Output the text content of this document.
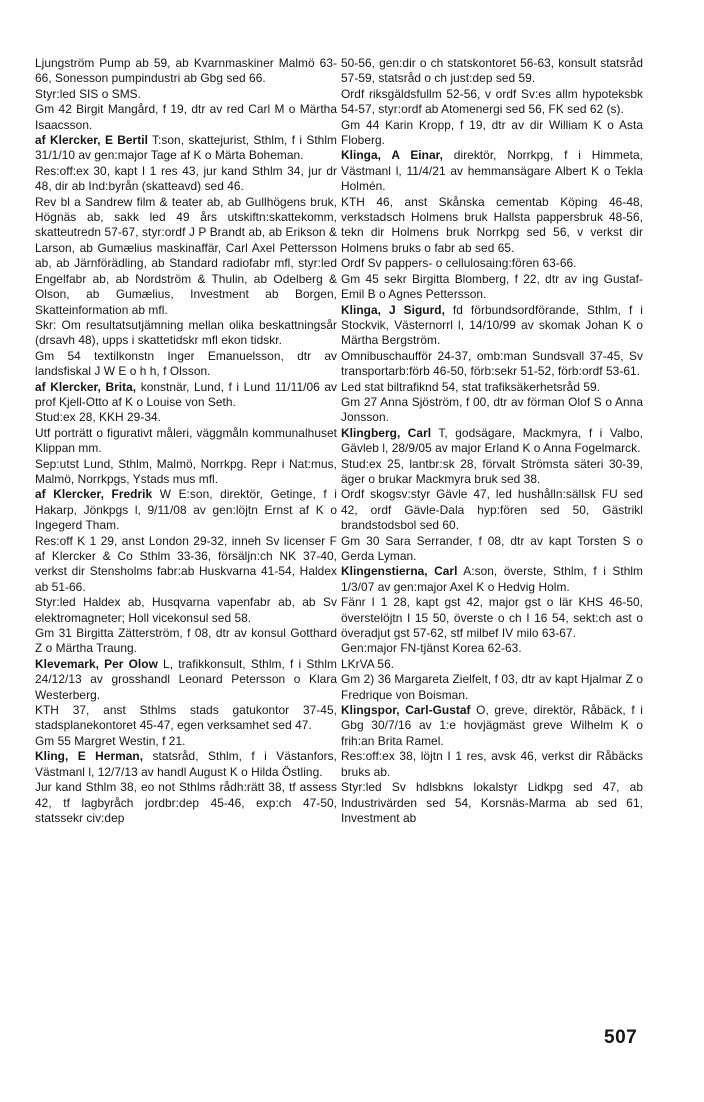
Ljungström Pump ab 59, ab Kvarnmaskiner Malmö 63-66, Sonesson pumpindustri ab Gbg sed 66.

Styr:led SIS o SMS.

Gm 42 Birgit Mangård, f 19, dtr av red Carl M o Märtha Isaacsson.

af Klercker, E Bertil T:son, skattejurist, Sthlm, f i Sthlm 31/1/10 av gen:major Tage af K o Märta Boheman.

Res:off:ex 30, kapt I 1 res 43, jur kand Sthlm 34, jur dr 48, dir ab Ind:byrån (skatteavd) sed 46.

Rev bl a Sandrew film & teater ab, ab Gullhögens bruk, Högnäs ab, sakk led 49 års utskiftn:skattekomm, skatteutredn 57-67, styr:ordf J P Brandt ab, ab Erikson & Larson, ab Gumælius maskinaffär, Carl Axel Pettersson ab, ab Järnförädling, ab Standard radiofabr mfl, styr:led Engelfabr ab, ab Nordström & Thulin, ab Odelberg & Olson, ab Gumælius, Investment ab Borgen, Skatteinformation ab mfl.

Skr: Om resultatsutjämning mellan olika beskattningsår (drsavh 48), upps i skattetidskr mfl ekon tidskr.

Gm 54 textilkonstn Inger Emanuelsson, dtr av landsfiskal J W E o h h, f Olsson.

af Klercker, Brita, konstnär, Lund, f i Lund 11/11/06 av prof Kjell-Otto af K o Louise von Seth.

Stud:ex 28, KKH 29-34.

Utf porträtt o figurativt måleri, väggmåln kommunalhuset Klippan mm.

Sep:utst Lund, Sthlm, Malmö, Norrkpg. Repr i Nat:mus, Malmö, Norrkpgs, Ystads mus mfl.

af Klercker, Fredrik W E:son, direktör, Getinge, f i Hakarp, Jönkpgs l, 9/11/08 av gen:löjtn Ernst af K o Ingegerd Tham.

Res:off K 1 29, anst London 29-32, inneh Sv licenser F af Klercker & Co Sthlm 33-36, försäljn:ch NK 37-40, verkst dir Stensholms fabr:ab Huskvarna 41-54, Haldex ab 51-66.

Styr:led Haldex ab, Husqvarna vapenfabr ab, ab Sv elektromagneter; Holl vicekonsul sed 58.

Gm 31 Birgitta Zätterström, f 08, dtr av konsul Gotthard Z o Märtha Traung.

Klevemark, Per Olow L, trafikkonsult, Sthlm, f i Sthlm 24/12/13 av grosshandl Leonard Petersson o Klara Westerberg.

KTH 37, anst Sthlms stads gatukontor 37-45, stadsplanekontoret 45-47, egen verksamhet sed 47.

Gm 55 Margret Westin, f 21.

Kling, E Herman, statsråd, Sthlm, f i Västanfors, Västmanl l, 12/7/13 av handl August K o Hilda Östling.

Jur kand Sthlm 38, eo not Sthlms rådh:rätt 38, tf assess 42, tf lagbyråch jordbr:dep 45-46, exp:ch 47-50, statssekr civ:dep

50-56, gen:dir o ch statskontoret 56-63, konsult statsråd 57-59, statsråd o ch just:dep sed 59.

Ordf riksgäldsfullm 52-56, v ordf Sv:es allm hypoteksbk 54-57, styr:ordf ab Atomenergi sed 56, FK sed 62 (s).

Gm 44 Karin Kropp, f 19, dtr av dir William K o Asta Floberg.

Klinga, A Einar, direktör, Norrkpg, f i Himmeta, Västmanl l, 11/4/21 av hemmansägare Albert K o Tekla Holmén.

KTH 46, anst Skånska cementab Köping 46-48, verkstadsch Holmens bruk Hallsta pappersbruk 48-56, tekn dir Holmens bruk Norrkpg sed 56, v verkst dir Holmens bruks o fabr ab sed 65.

Ordf Sv pappers- o cellulosaing:fören 63-66.

Gm 45 sekr Birgitta Blomberg, f 22, dtr av ing Gustaf-Emil B o Agnes Pettersson.

Klinga, J Sigurd, fd förbundsordförande, Sthlm, f i Stockvik, Västernorrl l, 14/10/99 av skomak Johan K o Märtha Bergström.

Omnibuschaufför 24-37, omb:man Sundsvall 37-45, Sv transportarb:förb 46-50, förb:sekr 51-52, förb:ordf 53-61.

Led stat biltrafiknd 54, stat trafiksäkerhetsråd 59.

Gm 27 Anna Sjöström, f 00, dtr av förman Olof S o Anna Jonsson.

Klingberg, Carl T, godsägare, Mackmyra, f i Valbo, Gävleb l, 28/9/05 av major Erland K o Anna Fogelmarck.

Stud:ex 25, lantbr:sk 28, förvalt Strömsta säteri 30-39, äger o brukar Mackmyra bruk sed 38.

Ordf skogsv:styr Gävle 47, led hushålln:sällsk FU sed 42, ordf Gävle-Dala hyp:fören sed 50, Gästrikl brandstodsbol sed 60.

Gm 30 Sara Serrander, f 08, dtr av kapt Torsten S o Gerda Lyman.

Klingenstierna, Carl A:son, överste, Sthlm, f i Sthlm 1/3/07 av gen:major Axel K o Hedvig Holm.

Fänr I 1 28, kapt gst 42, major gst o lär KHS 46-50, överstelöjtn I 15 50, överste o ch I 16 54, sekt:ch ast o överadjut gst 57-62, stf milbef IV milo 63-67.

Gen:major FN-tjänst Korea 62-63.

LKrVA 56.

Gm 2) 36 Margareta Zielfelt, f 03, dtr av kapt Hjalmar Z o Fredrique von Boisman.

Klingspor, Carl-Gustaf O, greve, direktör, Råbäck, f i Gbg 30/7/16 av 1:e hovjägmäst greve Wilhelm K o frih:an Brita Ramel.

Res:off:ex 38, löjtn I 1 res, avsk 46, verkst dir Råbäcks bruks ab.

Styr:led Sv hdlsbkns lokalstyr Lidkpg sed 47, ab Industrivärden sed 54, Korsnäs-Marma ab sed 61, Investment ab

507
